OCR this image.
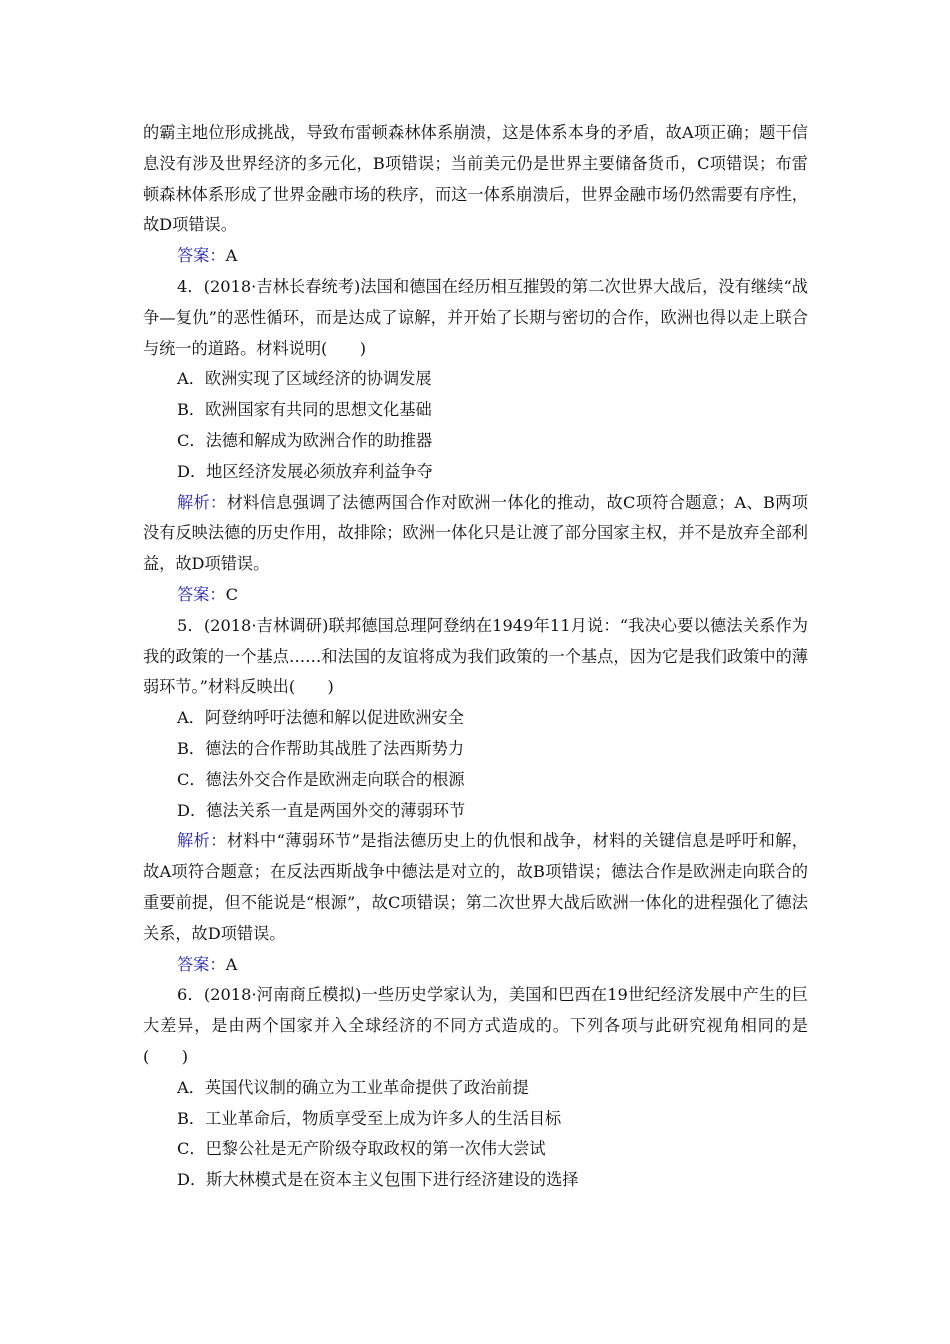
的霸主地位形成挑战，导致布雷顿森林体系崩溃，这是体系本身的矛盾，故A项正确；题干信息没有涉及世界经济的多元化，B项错误；当前美元仍是世界主要储备货币，C项错误；布雷顿森林体系形成了世界金融市场的秩序，而这一体系崩溃后，世界金融市场仍然需要有序性，故D项错误。

答案：A

4．(2018·吉林长春统考)法国和德国在经历相互摧毁的第二次世界大战后，没有继续“战争—复仇”的恶性循环，而是达成了谅解，并开始了长期与密切的合作，欧洲也得以走上联合与统一的道路。材料说明(　　)

A．欧洲实现了区域经济的协调发展

B．欧洲国家有共同的思想文化基础

C．法德和解成为欧洲合作的助推器

D．地区经济发展必须放弃利益争夺

解析：材料信息强调了法德两国合作对欧洲一体化的推动，故C项符合题意；A、B两项没有反映法德的历史作用，故排除；欧洲一体化只是让渡了部分国家主权，并不是放弃全部利益，故D项错误。

答案：C

5．(2018·吉林调研)联邦德国总理阿登纳在1949年11月说：“我决心要以德法关系作为我的政策的一个基点……和法国的友谊将成为我们政策的一个基点，因为它是我们政策中的薄弱环节。”材料反映出(　　)

A．阿登纳呼吁法德和解以促进欧洲安全

B．德法的合作帮助其战胜了法西斯势力

C．德法外交合作是欧洲走向联合的根源

D．德法关系一直是两国外交的薄弱环节

解析：材料中“薄弱环节”是指法德历史上的仇恨和战争，材料的关键信息是呼吁和解，故A项符合题意；在反法西斯战争中德法是对立的，故B项错误；德法合作是欧洲走向联合的重要前提，但不能说是“根源”，故C项错误；第二次世界大战后欧洲一体化的进程强化了德法关系，故D项错误。

答案：A

6．(2018·河南商丘模拟)一些历史学家认为，美国和巴西在19世纪经济发展中产生的巨大差异，是由两个国家并入全球经济的不同方式造成的。下列各项与此研究视角相同的是(　　)

A．英国代议制的确立为工业革命提供了政治前提

B．工业革命后，物质享受至上成为许多人的生活目标

C．巴黎公社是无产阶级夺取政权的第一次伟大尝试

D．斯大林模式是在资本主义包围下进行经济建设的选择
